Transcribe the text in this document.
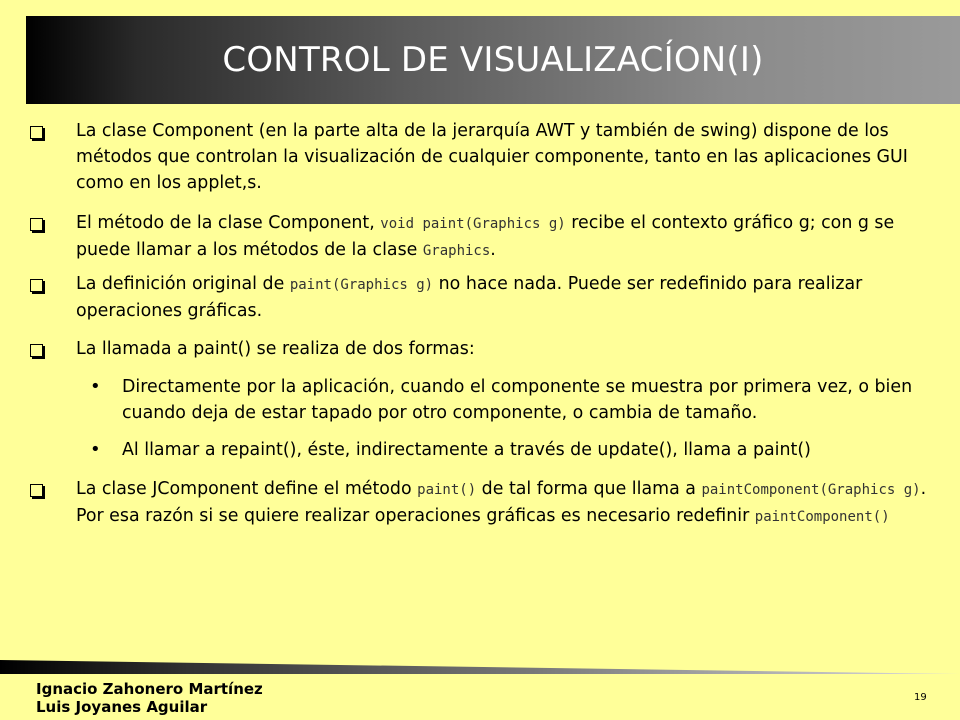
CONTROL DE VISUALIZACÍON(I)
La clase Component (en la parte alta de la jerarquía AWT y también de swing) dispone de los métodos que controlan la visualización de cualquier componente, tanto en las aplicaciones GUI como en los applet,s.
El método de la clase Component, void paint(Graphics g) recibe el contexto gráfico g; con g se puede llamar a los métodos de la clase Graphics.
La definición original de paint(Graphics g) no hace nada. Puede ser redefinido para realizar operaciones gráficas.
La llamada a paint() se realiza de dos formas:
• Directamente por la aplicación, cuando el componente se muestra por primera vez, o bien cuando deja de estar tapado por otro componente, o cambia de tamaño.
• Al llamar a repaint(), éste, indirectamente a través de update(), llama a paint()
La clase JComponent define el método paint() de tal forma que llama a paintComponent(Graphics g). Por esa razón si se quiere realizar operaciones gráficas es necesario redefinir paintComponent()
Ignacio Zahonero Martínez
Luis Joyanes Aguilar
19
